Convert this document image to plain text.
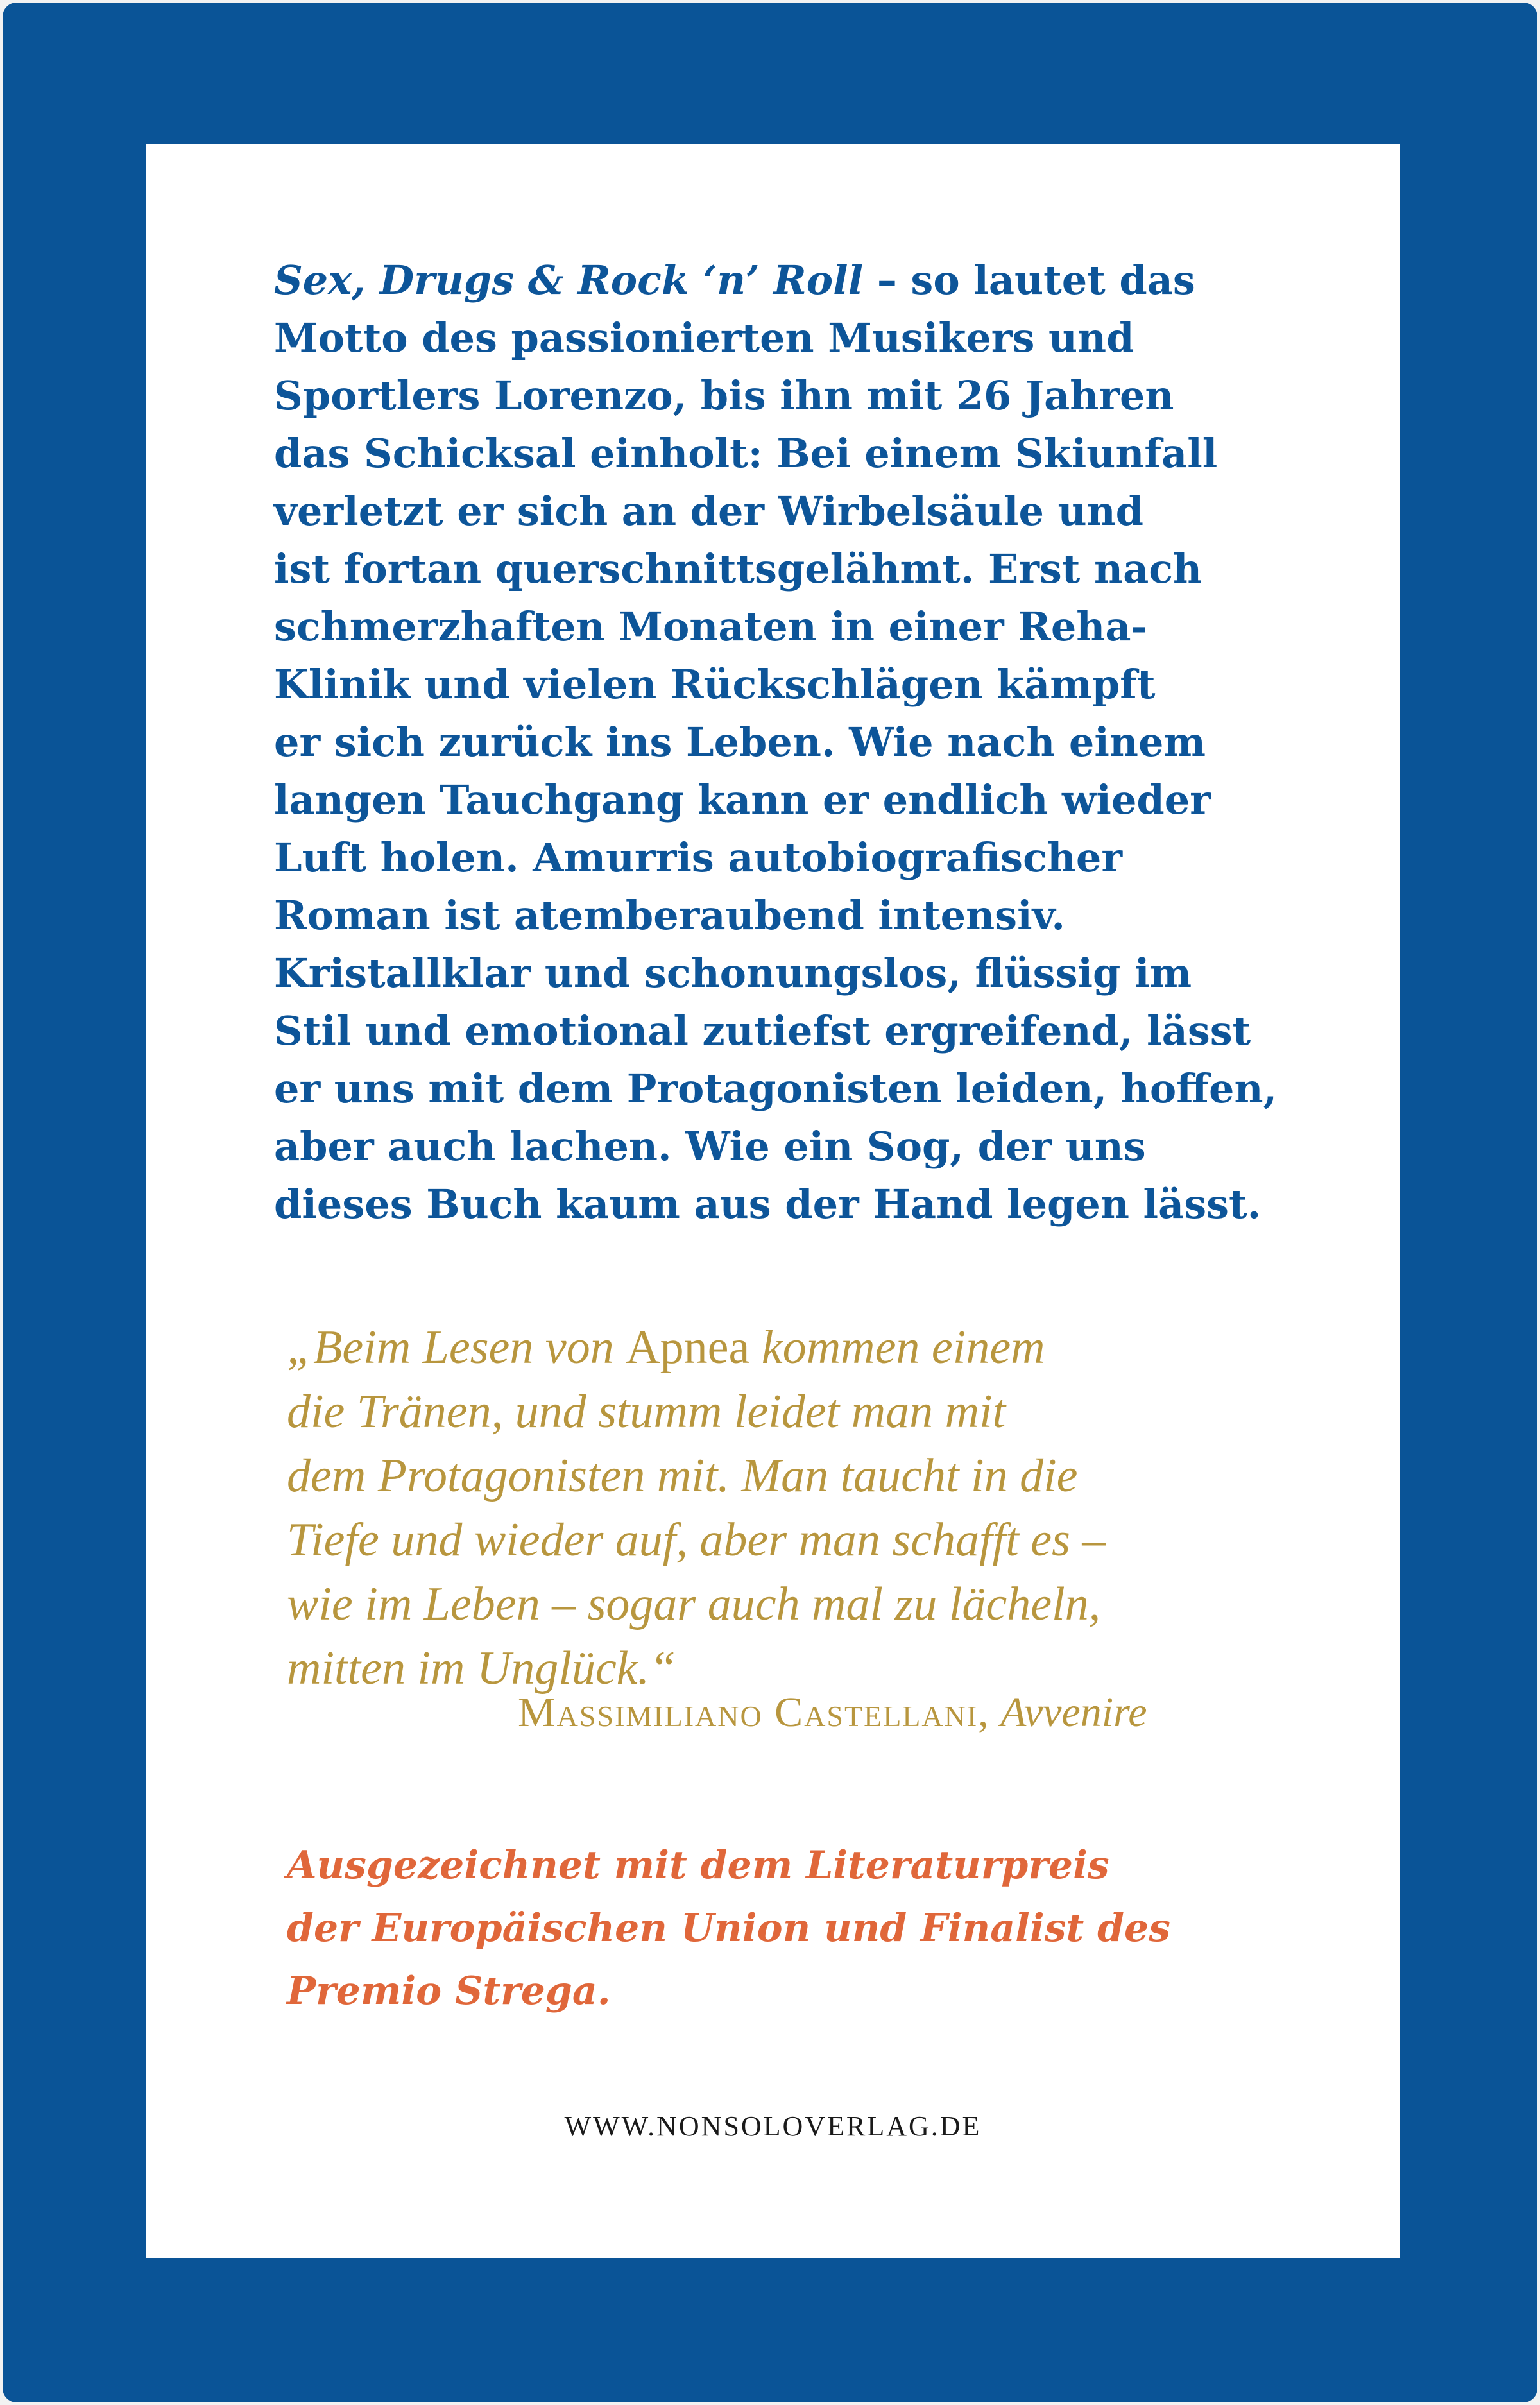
Sex, Drugs & Rock ‘n’ Roll – so lautet das
Motto des passionierten Musikers und
Sportlers Lorenzo, bis ihn mit 26 Jahren
das Schicksal einholt: Bei einem Skiunfall
verletzt er sich an der Wirbelsäule und
ist fortan querschnittsgelähmt. Erst nach
schmerzhaften Monaten in einer Reha-
Klinik und vielen Rückschlägen kämpft
er sich zurück ins Leben. Wie nach einem
langen Tauchgang kann er endlich wieder
Luft holen. Amurris autobiografischer
Roman ist atemberaubend intensiv.
Kristallklar und schonungslos, flüssig im
Stil und emotional zutiefst ergreifend, lässt
er uns mit dem Protagonisten leiden, hoffen,
aber auch lachen. Wie ein Sog, der uns
dieses Buch kaum aus der Hand legen lässt.
„Beim Lesen von Apnea kommen einem
die Tränen, und stumm leidet man mit
dem Protagonisten mit. Man taucht in die
Tiefe und wieder auf, aber man schafft es –
wie im Leben – sogar auch mal zu lächeln,
mitten im Unglück.“
Massimiliano Castellani, Avvenire
Ausgezeichnet mit dem Literaturpreis
der Europäischen Union und Finalist des
Premio Strega.
WWW.NONSOLOVERLAG.DE
